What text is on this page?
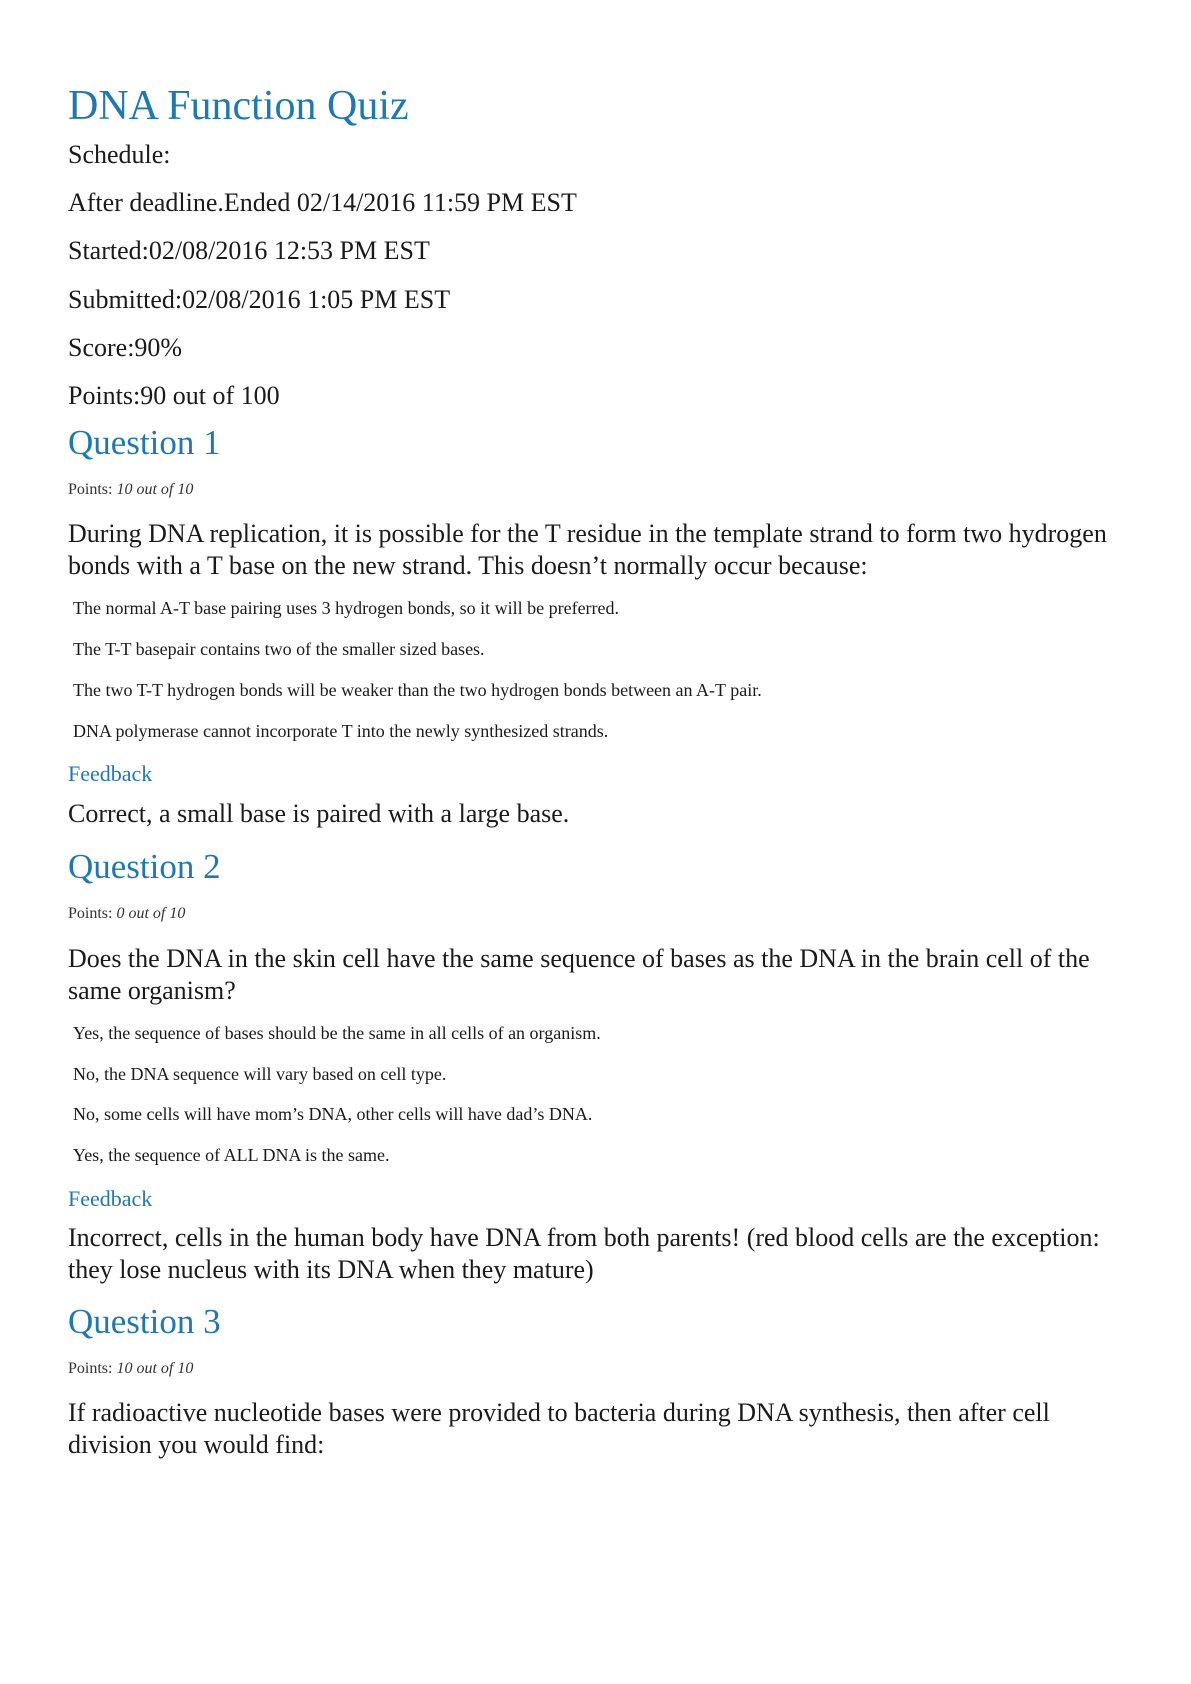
DNA Function Quiz
Schedule:
After deadline.Ended 02/14/2016 11:59 PM EST
Started:02/08/2016 12:53 PM EST
Submitted:02/08/2016 1:05 PM EST
Score:90%
Points:90 out of 100
Question 1
Points: 10 out of 10
During DNA replication, it is possible for the T residue in the template strand to form two hydrogen bonds with a T base on the new strand. This doesn’t normally occur because:
The normal A-T base pairing uses 3 hydrogen bonds, so it will be preferred.
The T-T basepair contains two of the smaller sized bases.
The two T-T hydrogen bonds will be weaker than the two hydrogen bonds between an A-T pair.
DNA polymerase cannot incorporate T into the newly synthesized strands.
Feedback
Correct, a small base is paired with a large base.
Question 2
Points: 0 out of 10
Does the DNA in the skin cell have the same sequence of bases as the DNA in the brain cell of the same organism?
Yes, the sequence of bases should be the same in all cells of an organism.
No, the DNA sequence will vary based on cell type.
No, some cells will have mom’s DNA, other cells will have dad’s DNA.
Yes, the sequence of ALL DNA is the same.
Feedback
Incorrect, cells in the human body have DNA from both parents! (red blood cells are the exception: they lose nucleus with its DNA when they mature)
Question 3
Points: 10 out of 10
If radioactive nucleotide bases were provided to bacteria during DNA synthesis, then after cell division you would find:
